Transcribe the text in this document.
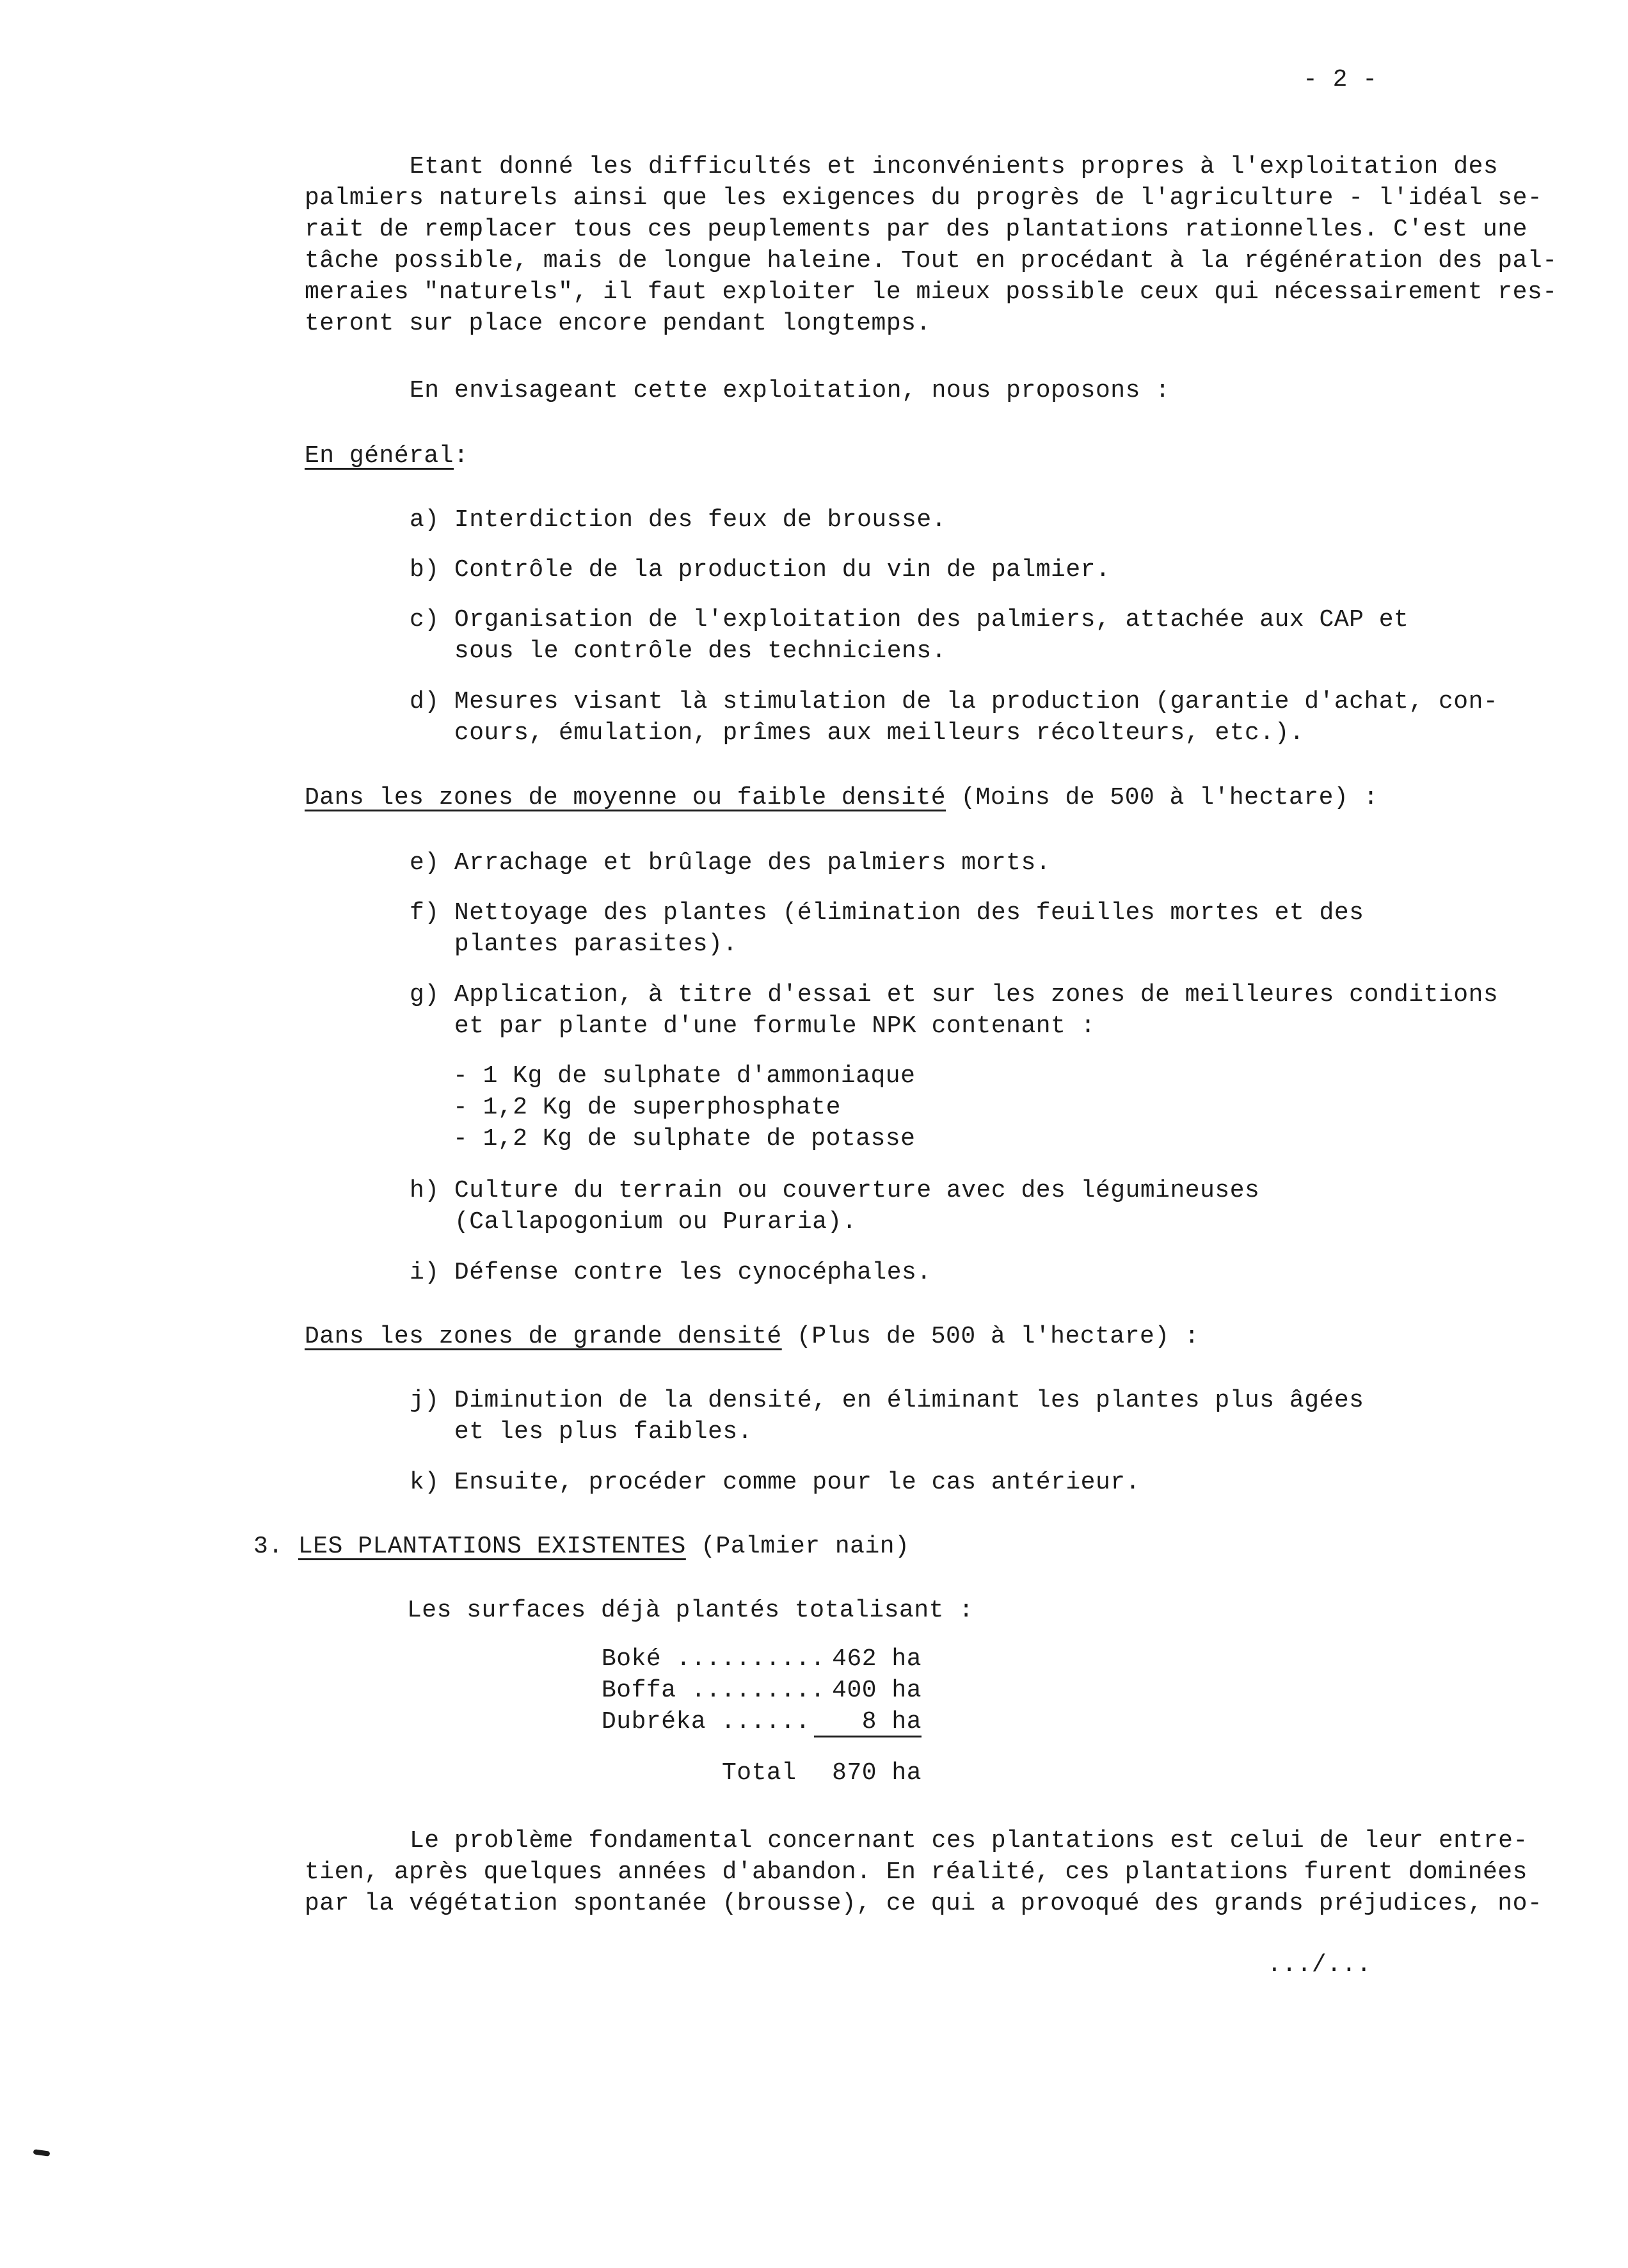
- 2 -
Etant donné les difficultés et inconvénients propres à l'exploitation des
palmiers naturels ainsi que les exigences du progrès de l'agriculture - l'idéal se-
rait de remplacer tous ces peuplements par des plantations rationnelles. C'est une
tâche possible, mais de longue haleine. Tout en procédant à la régénération des pal-
meraies "naturels", il faut exploiter le mieux possible ceux qui nécessairement res-
teront sur place encore pendant longtemps.
En envisageant cette exploitation, nous proposons :
En général:
a) Interdiction des feux de brousse.
b) Contrôle de la production du vin de palmier.
c) Organisation de l'exploitation des palmiers, attachée aux CAP et
sous le contrôle des techniciens.
d) Mesures visant là stimulation de la production (garantie d'achat, con-
cours, émulation, prîmes aux meilleurs récolteurs, etc.).
Dans les zones de moyenne ou faible densité (Moins de 500 à l'hectare) :
e) Arrachage et brûlage des palmiers morts.
f) Nettoyage des plantes (élimination des feuilles mortes et des
plantes parasites).
g) Application, à titre d'essai et sur les zones de meilleures conditions
et par plante d'une formule NPK contenant :
- 1 Kg de sulphate d'ammoniaque
- 1,2 Kg de superphosphate
- 1,2 Kg de sulphate de potasse
h) Culture du terrain ou couverture avec des légumineuses
(Callapogonium ou Puraria).
i) Défense contre les cynocéphales.
Dans les zones de grande densité (Plus de 500 à l'hectare) :
j) Diminution de la densité, en éliminant les plantes plus âgées
et les plus faibles.
k) Ensuite, procéder comme pour le cas antérieur.
3. LES PLANTATIONS EXISTENTES (Palmier nain)
Les surfaces déjà plantés totalisant :
Boké .......... 462 ha
Boffa ......... 400 ha
Dubréka ......	8 ha
Total	870 ha
Le problème fondamental concernant ces plantations est celui de leur entre-
tien, après quelques années d'abandon. En réalité, ces plantations furent dominées
par la végétation spontanée (brousse), ce qui a provoqué des grands préjudices, no-
.../...
